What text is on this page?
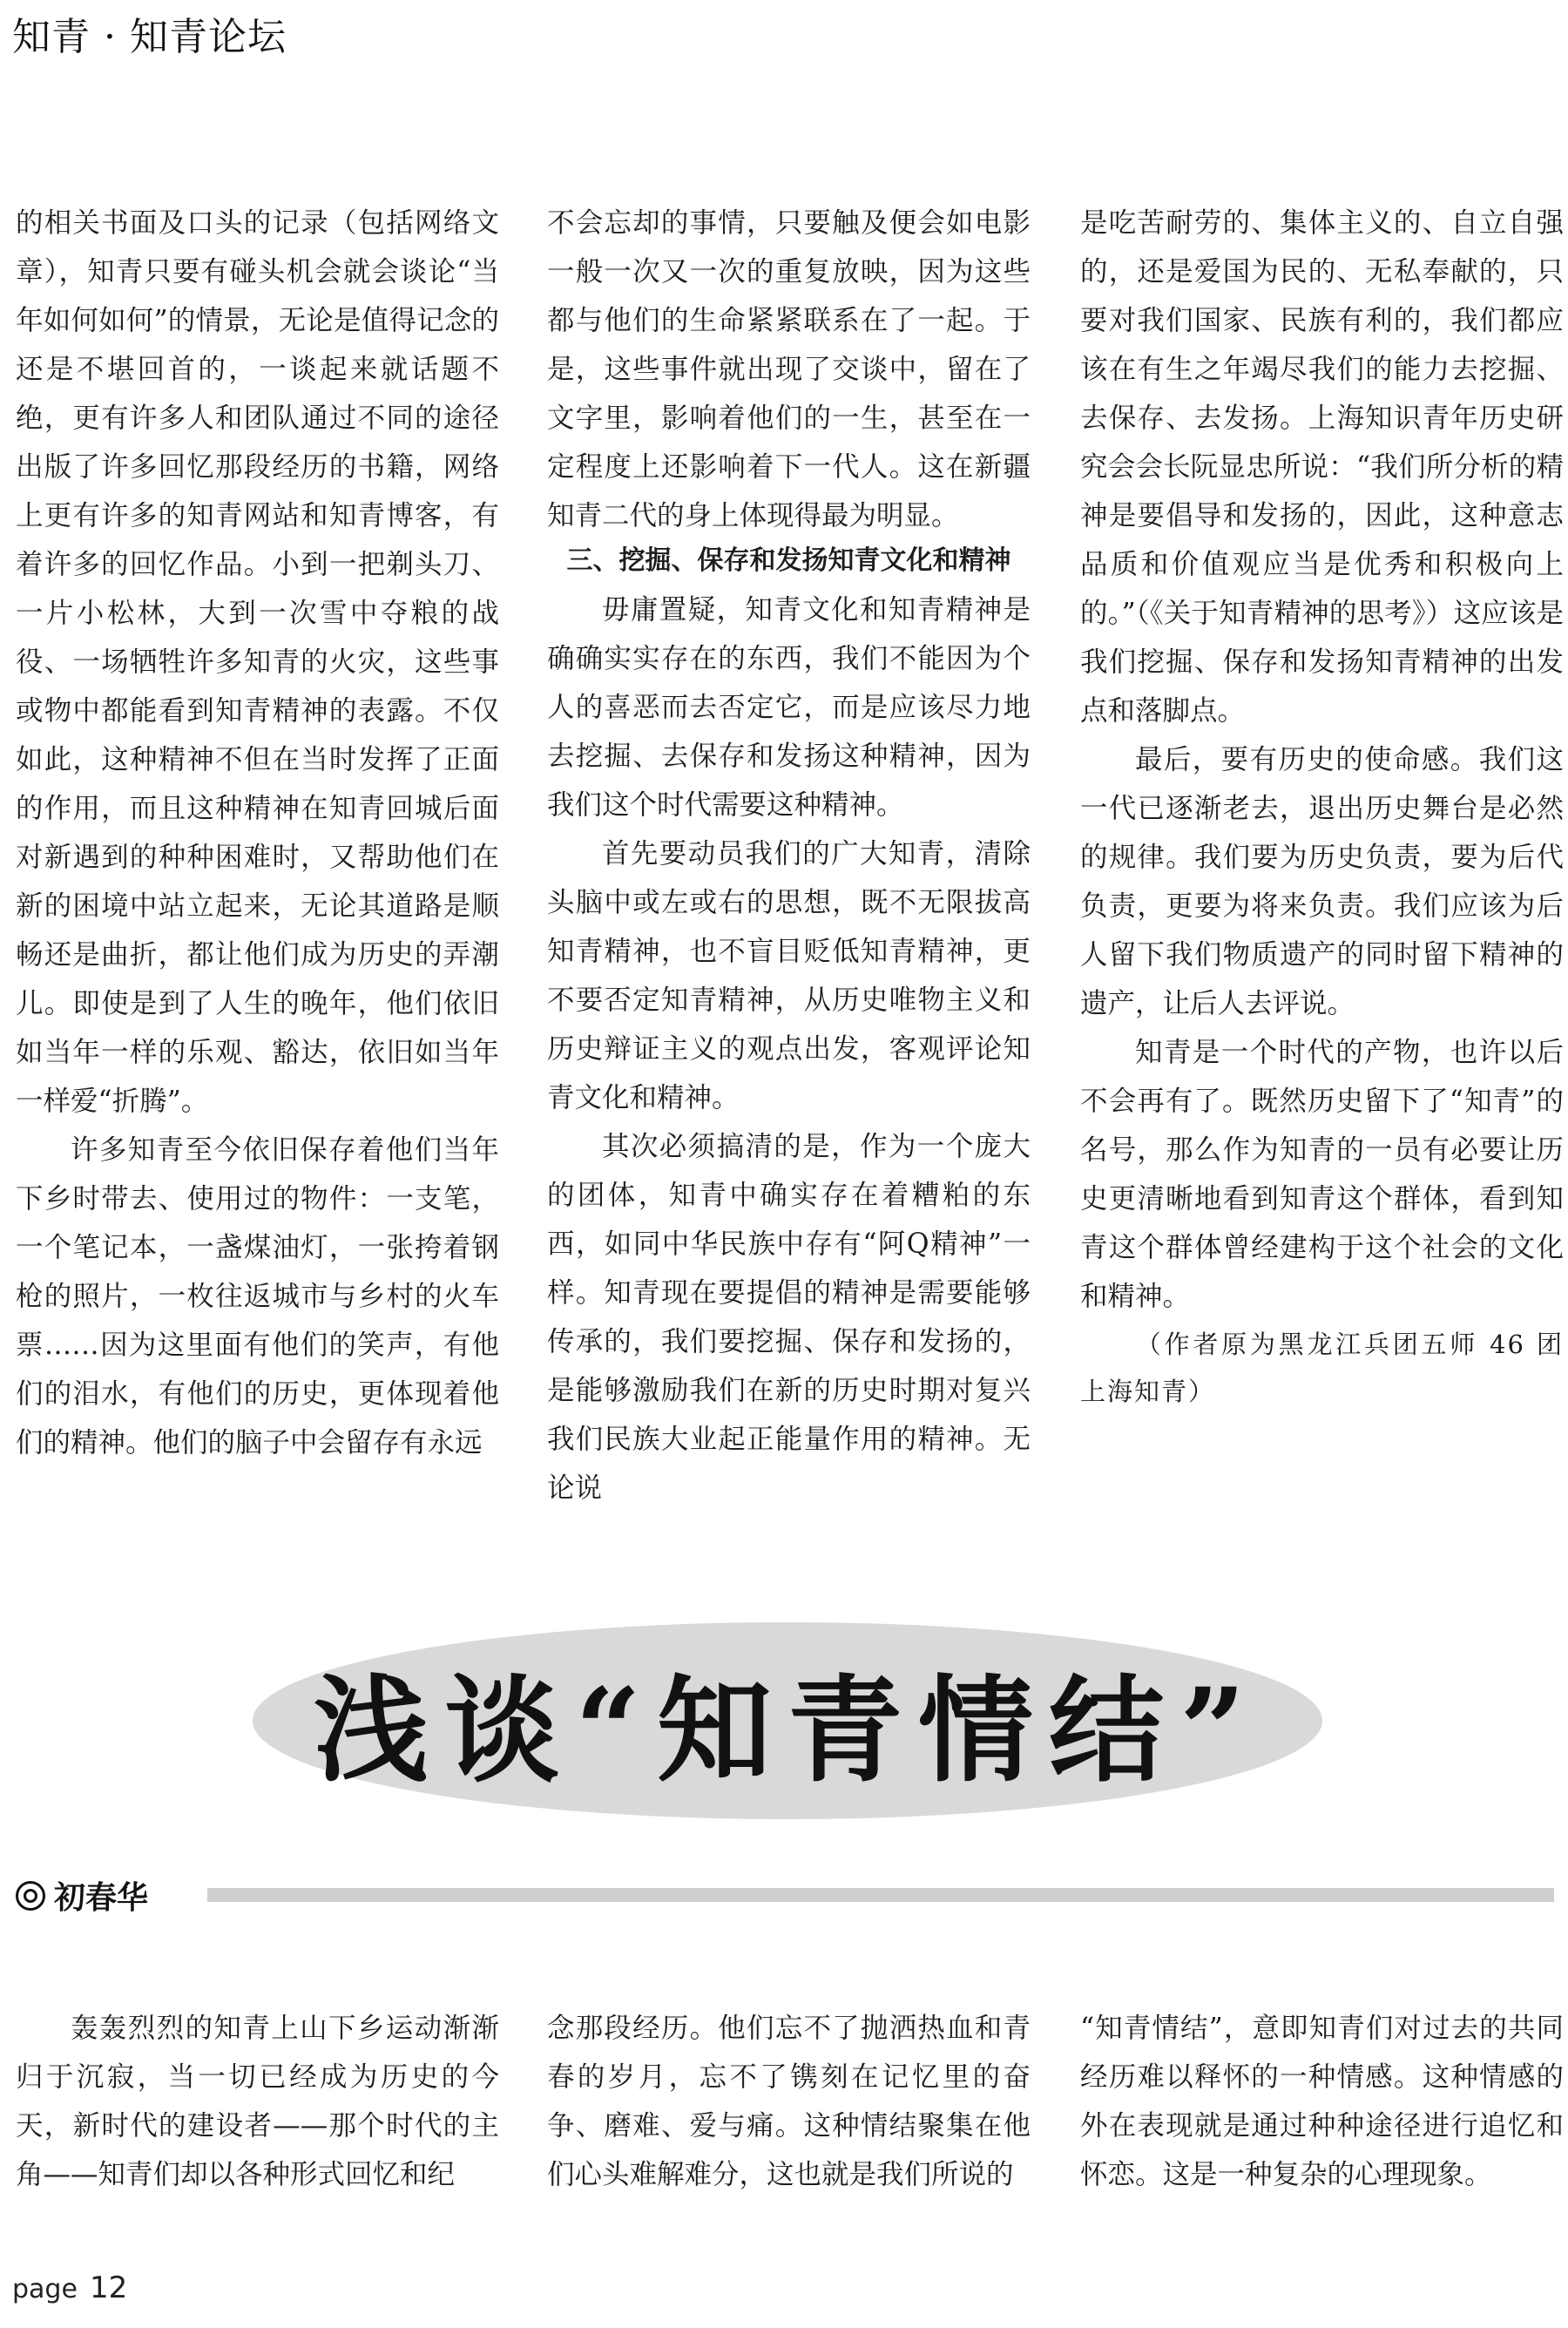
知青 · 知青论坛

的相关书面及口头的记录（包括网络文章），知青只要有碰头机会就会谈论“当年如何如何”的情景，无论是值得记念的还是不堪回首的，一谈起来就话题不绝，更有许多人和团队通过不同的途径出版了许多回忆那段经历的书籍，网络上更有许多的知青网站和知青博客，有着许多的回忆作品。小到一把剃头刀、一片小松林，大到一次雪中夺粮的战役、一场牺牲许多知青的火灾，这些事或物中都能看到知青精神的表露。不仅如此，这种精神不但在当时发挥了正面的作用，而且这种精神在知青回城后面对新遇到的种种困难时，又帮助他们在新的困境中站立起来，无论其道路是顺畅还是曲折，都让他们成为历史的弄潮儿。即使是到了人生的晚年，他们依旧如当年一样的乐观、豁达，依旧如当年一样爱“折腾”。

许多知青至今依旧保存着他们当年下乡时带去、使用过的物件：一支笔，一个笔记本，一盏煤油灯，一张挎着钢枪的照片，一枚往返城市与乡村的火车票……因为这里面有他们的笑声，有他们的泪水，有他们的历史，更体现着他们的精神。他们的脑子中会留存有永远

不会忘却的事情，只要触及便会如电影一般一次又一次的重复放映，因为这些都与他们的生命紧紧联系在了一起。于是，这些事件就出现了交谈中，留在了文字里，影响着他们的一生，甚至在一定程度上还影响着下一代人。这在新疆知青二代的身上体现得最为明显。

三、挖掘、保存和发扬知青文化和精神

毋庸置疑，知青文化和知青精神是确确实实存在的东西，我们不能因为个人的喜恶而去否定它，而是应该尽力地去挖掘、去保存和发扬这种精神，因为我们这个时代需要这种精神。

首先要动员我们的广大知青，清除头脑中或左或右的思想，既不无限拔高知青精神，也不盲目贬低知青精神，更不要否定知青精神，从历史唯物主义和历史辩证主义的观点出发，客观评论知青文化和精神。

其次必须搞清的是，作为一个庞大的团体，知青中确实存在着糟粕的东西，如同中华民族中存有“阿Q精神”一样。知青现在要提倡的精神是需要能够传承的，我们要挖掘、保存和发扬的，是能够激励我们在新的历史时期对复兴我们民族大业起正能量作用的精神。无论说

是吃苦耐劳的、集体主义的、自立自强的，还是爱国为民的、无私奉献的，只要对我们国家、民族有利的，我们都应该在有生之年竭尽我们的能力去挖掘、去保存、去发扬。上海知识青年历史研究会会长阮显忠所说：“我们所分析的精神是要倡导和发扬的，因此，这种意志品质和价值观应当是优秀和积极向上的。”（《关于知青精神的思考》）这应该是我们挖掘、保存和发扬知青精神的出发点和落脚点。

最后，要有历史的使命感。我们这一代已逐渐老去，退出历史舞台是必然的规律。我们要为历史负责，要为后代负责，更要为将来负责。我们应该为后人留下我们物质遗产的同时留下精神的遗产，让后人去评说。

知青是一个时代的产物，也许以后不会再有了。既然历史留下了“知青”的名号，那么作为知青的一员有必要让历史更清晰地看到知青这个群体，看到知青这个群体曾经建构于这个社会的文化和精神。

（作者原为黑龙江兵团五师 46 团上海知青）

浅谈“知青情结”
初春华

轰轰烈烈的知青上山下乡运动渐渐归于沉寂，当一切已经成为历史的今天，新时代的建设者——那个时代的主角——知青们却以各种形式回忆和纪

念那段经历。他们忘不了抛洒热血和青春的岁月，忘不了镌刻在记忆里的奋争、磨难、爱与痛。这种情结聚集在他们心头难解难分，这也就是我们所说的

“知青情结”，意即知青们对过去的共同经历难以释怀的一种情感。这种情感的外在表现就是通过种种途径进行追忆和怀恋。这是一种复杂的心理现象。

page 12
